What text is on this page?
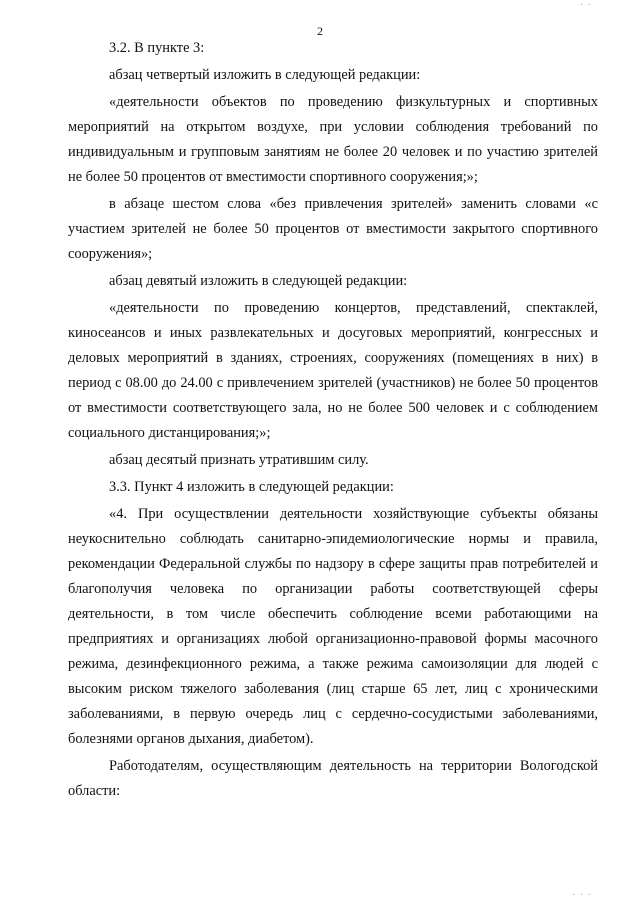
· ·
2

3.2. В пункте 3:

абзац четвертый изложить в следующей редакции:

«деятельности объектов по проведению физкультурных и спортивных мероприятий на открытом воздухе, при условии соблюдения требований по индивидуальным и групповым занятиям не более 20 человек и по участию зрителей не более 50 процентов от вместимости спортивного сооружения;»;

в абзаце шестом слова «без привлечения зрителей» заменить словами «с участием зрителей не более 50 процентов от вместимости закрытого спортивного сооружения»;

абзац девятый изложить в следующей редакции:

«деятельности по проведению концертов, представлений, спектаклей, киносеансов и иных развлекательных и досуговых мероприятий, конгрессных и деловых мероприятий в зданиях, строениях, сооружениях (помещениях в них) в период с 08.00 до 24.00 с привлечением зрителей (участников) не более 50 процентов от вместимости соответствующего зала, но не более 500 человек и с соблюдением социального дистанцирования;»;

абзац десятый признать утратившим силу.

3.3. Пункт 4 изложить в следующей редакции:

«4. При осуществлении деятельности хозяйствующие субъекты обязаны неукоснительно соблюдать санитарно-эпидемиологические нормы и правила, рекомендации Федеральной службы по надзору в сфере защиты прав потребителей и благополучия человека по организации работы соответствующей сферы деятельности, в том числе обеспечить соблюдение всеми работающими на предприятиях и организациях любой организационно-правовой формы масочного режима, дезинфекционного режима, а также режима самоизоляции для людей с высоким риском тяжелого заболевания (лиц старше 65 лет, лиц с хроническими заболеваниями, в первую очередь лиц с сердечно-сосудистыми заболеваниями, болезнями органов дыхания, диабетом).

Работодателям, осуществляющим деятельность на территории Вологодской области:

· · ·
